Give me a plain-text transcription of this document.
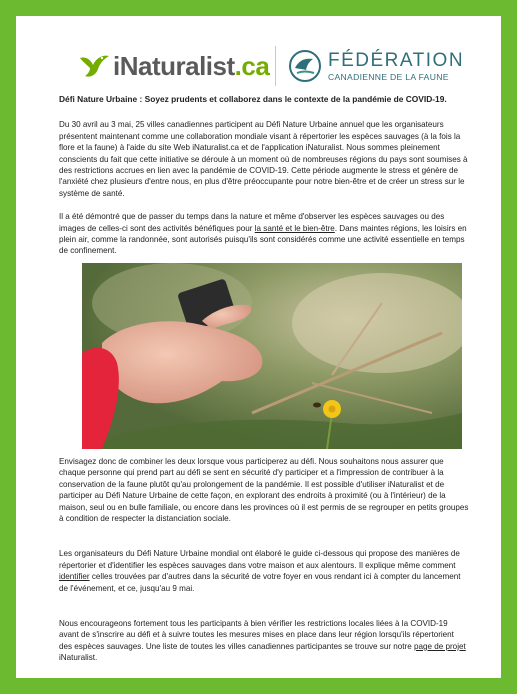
iNaturalist.ca	FÉDÉRATION
CANADIENNE DE LA FAUNE

Défi Nature Urbaine : Soyez prudents et collaborez dans le contexte de la pandémie de COVID-19.

Du 30 avril au 3 mai, 25 villes canadiennes participent au Défi Nature Urbaine annuel que les organisateurs présentent maintenant comme une collaboration mondiale visant à répertorier les espèces sauvages (à la fois la flore et la faune) à l'aide du site Web iNaturalist.ca et de l'application iNaturalist. Nous sommes pleinement conscients du fait que cette initiative se déroule à un moment où de nombreuses régions du pays sont soumises à des restrictions accrues en lien avec la pandémie de COVID-19. Cette période augmente le stress et génère de l'anxiété chez plusieurs d'entre nous, en plus d'être préoccupante pour notre bien-être et de créer un stress sur le système de santé.

Il a été démontré que de passer du temps dans la nature et même d'observer les espèces sauvages ou des images de celles-ci sont des activités bénéfiques pour la santé et le bien-être. Dans maintes régions, les loisirs en plein air, comme la randonnée, sont autorisés puisqu'ils sont considérés comme une activité essentielle en temps de confinement.

Envisagez donc de combiner les deux lorsque vous participerez au défi. Nous souhaitons nous assurer que chaque personne qui prend part au défi se sent en sécurité d'y participer et a l'impression de contribuer à la conservation de la faune plutôt qu'au prolongement de la pandémie. Il est possible d'utiliser iNaturalist et de participer au Défi Nature Urbaine de cette façon, en explorant des endroits à proximité (ou à l'intérieur) de la maison, seul ou en bulle familiale, ou encore dans les provinces où il est permis de se regrouper en petits groupes à condition de respecter la distanciation sociale.

Les organisateurs du Défi Nature Urbaine mondial ont élaboré le guide ci-dessous qui propose des manières de répertorier et d'identifier les espèces sauvages dans votre maison et aux alentours. Il explique même comment identifier celles trouvées par d'autres dans la sécurité de votre foyer en vous rendant ici à compter du lancement de l'événement, et ce, jusqu'au 9 mai.

Nous encourageons fortement tous les participants à bien vérifier les restrictions locales liées à la COVID-19 avant de s'inscrire au défi et à suivre toutes les mesures mises en place dans leur région lorsqu'ils répertorient des espèces sauvages. Une liste de toutes les villes canadiennes participantes se trouve sur notre page de projet iNaturalist.
